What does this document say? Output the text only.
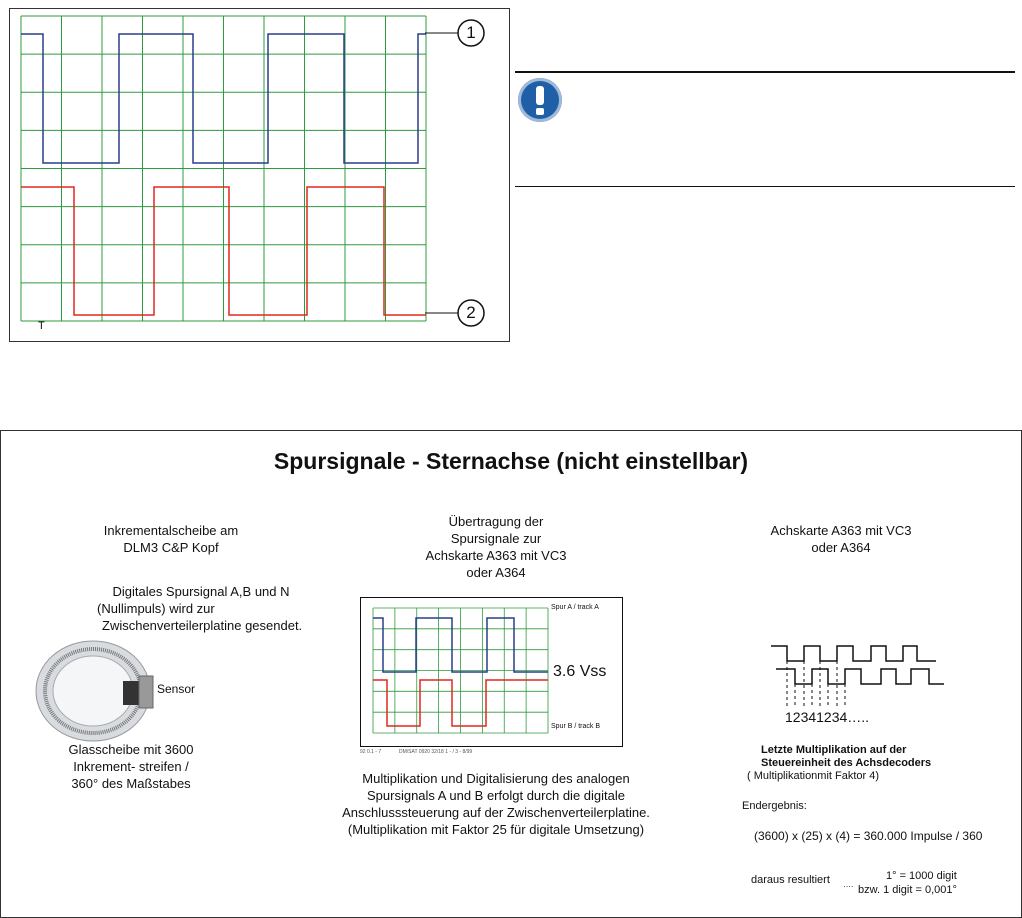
T
1
2
Spursignale - Sternachse (nicht einstellbar)
Inkrementalscheibe am
DLM3 C&P Kopf
Digitales Spursignal A,B und N
(Nullimpuls) wird zur
Zwischenverteilerplatine gesendet.
Sensor
Glasscheibe mit 3600
Inkrement- streifen /
360° des Maßstabes
Übertragung der
Spursignale zur
Achskarte A363 mit VC3
oder A364
Spur A / track A
Spur B / track B
3.6 Vss
92 0.1 - 7	DM/SAT 0920 32/18 1 - / 3 - 8/99
Multiplikation und Digitalisierung des analogen
Spursignals A und B erfolgt durch die digitale
Anschlusssteuerung auf der Zwischenverteilerplatine.
(Multiplikation mit Faktor 25 für digitale Umsetzung)
Achskarte A363 mit VC3
oder A364
12341234…..
Letzte Multiplikation auf der
Steuereinheit des Achsdecoders
( Multiplikationmit Faktor 4)
Endergebnis:
(3600) x (25) x (4) = 360.000 Impulse / 360
daraus resultiert ….
1° = 1000 digit
bzw. 1 digit = 0,001°
